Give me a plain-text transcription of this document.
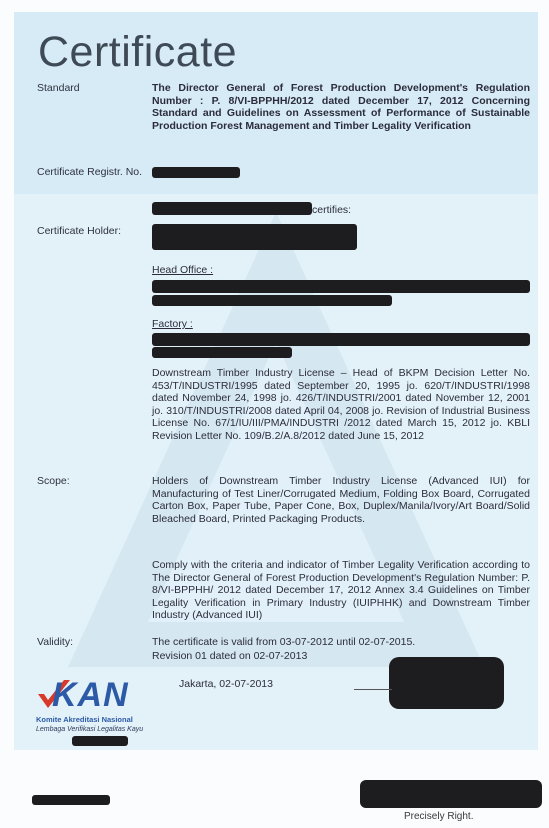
Certificate
Standard	The Director General of Forest Production Development's Regulation Number : P. 8/VI-BPPHH/2012 dated December 17, 2012 Concerning Standard and Guidelines on Assessment of Performance of Sustainable Production Forest Management and Timber Legality Verification
Certificate Registr. No.
certifies:
Certificate Holder:
Head Office :
Factory :
Downstream Timber Industry License – Head of BKPM Decision Letter No. 453/T/INDUSTRI/1995 dated September 20, 1995 jo. 620/T/INDUSTRI/1998 dated November 24, 1998 jo. 426/T/INDUSTRI/2001 dated November 12, 2001 jo. 310/T/INDUSTRI/2008 dated April 04, 2008 jo. Revision of Industrial Business License No. 67/1/IU/III/PMA/INDUSTRI /2012 dated March 15, 2012 jo. KBLI Revision Letter No. 109/B.2/A.8/2012 dated June 15, 2012
Scope:	Holders of Downstream Timber Industry License (Advanced IUI) for Manufacturing of Test Liner/Corrugated Medium, Folding Box Board, Corrugated Carton Box, Paper Tube, Paper Cone, Box, Duplex/Manila/Ivory/Art Board/Solid Bleached Board, Printed Packaging Products.
Comply with the criteria and indicator of Timber Legality Verification according to The Director General of Forest Production Development's Regulation Number: P. 8/VI-BPPHH/ 2012 dated December 17, 2012 Annex 3.4 Guidelines on Timber Legality Verification in Primary Industry (IUIPHHK) and Downstream Timber Industry (Advanced IUI)
Validity:	The certificate is valid from 03-07-2012 until 02-07-2015.
Revision 01 dated on 02-07-2013
Jakarta, 02-07-2013
KAN
Komite Akreditasi Nasional
Lembaga Verifikasi Legalitas Kayu
Precisely Right.
